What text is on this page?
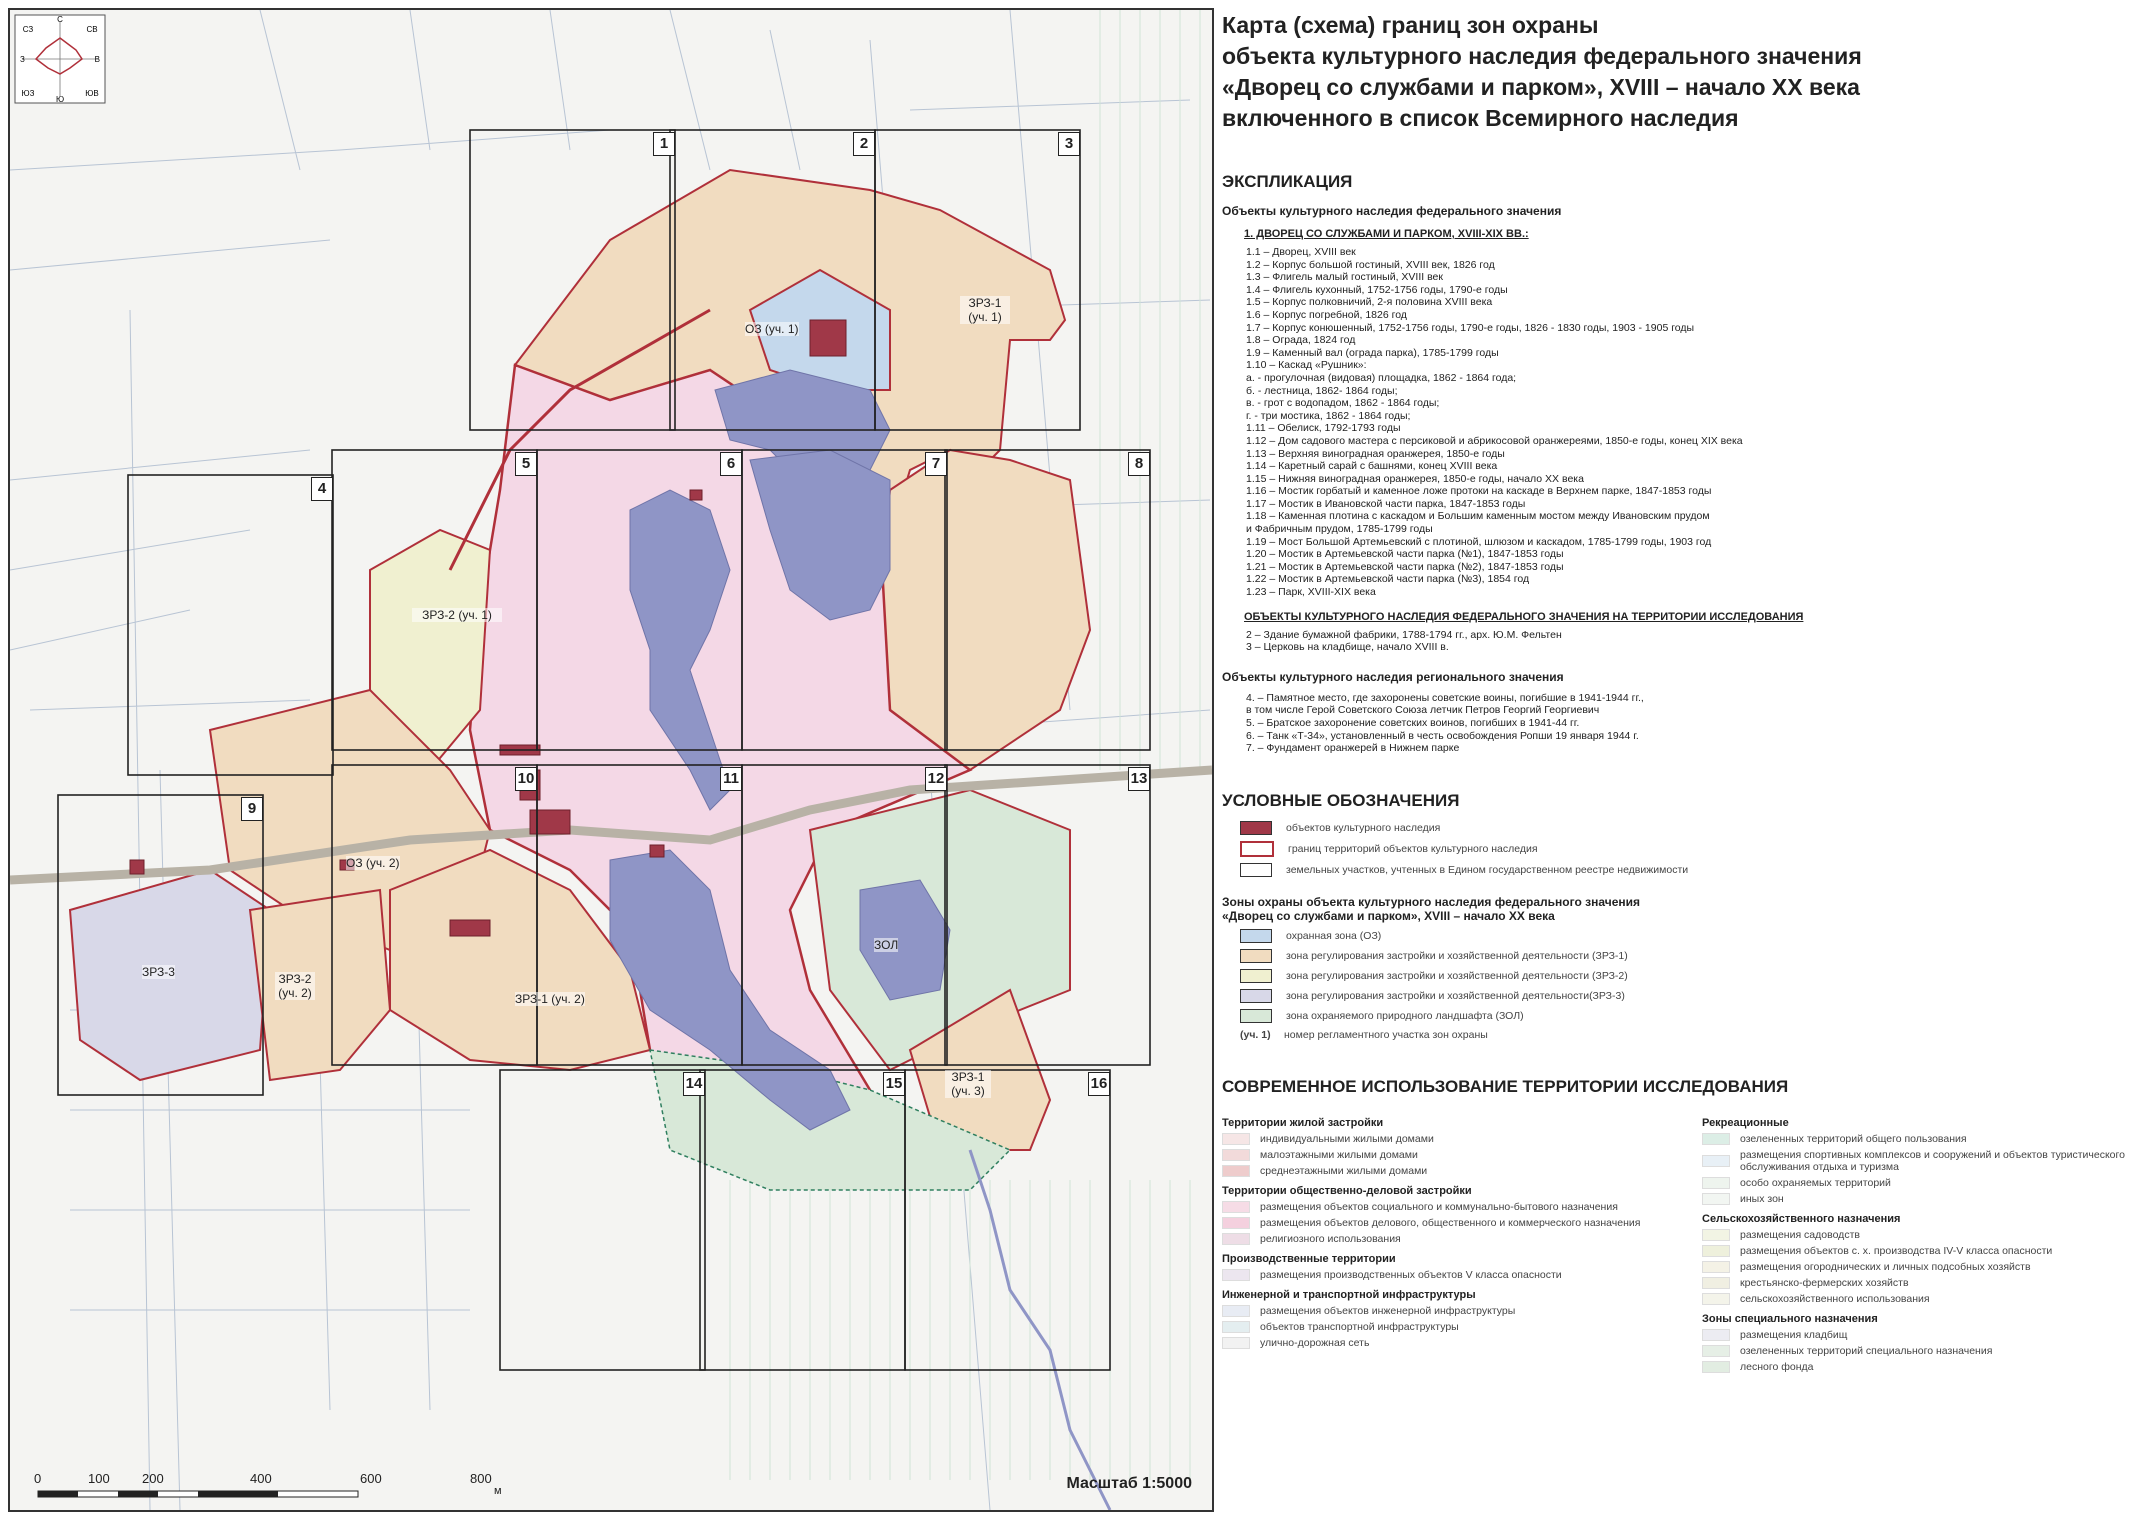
С
СВ
В
ЮВ
Ю
ЮЗ
З
СЗ
1	2	3
4
5	6	7	8
9
10	11	12	13
14	15	16
ОЗ (уч. 1)
ЗРЗ-1 (уч. 1)
ЗРЗ-2 (уч. 1)
ОЗ (уч. 2)
ЗРЗ-3	ЗРЗ-2 (уч. 2)	ЗРЗ-1 (уч. 2)
ЗОЛ
ЗРЗ-1 (уч. 3)
0	100 200	400	600	800
м	Масштаб 1:5000
Карта (схема) границ зон охраны
объекта культурного наследия федерального значения
«Дворец со службами и парком», XVIII – начало XX века
включенного в список Всемирного наследия
ЭКСПЛИКАЦИЯ
Объекты культурного наследия федерального значения
1. ДВОРЕЦ СО СЛУЖБАМИ И ПАРКОМ, XVIII-XIX ВВ.:
1.1 – Дворец, XVIII век
1.2 – Корпус большой гостиный, XVIII век, 1826 год
1.3 – Флигель малый гостиный, XVIII век
1.4 – Флигель кухонный, 1752-1756 годы, 1790-е годы
1.5 – Корпус полковничий, 2-я половина XVIII века
1.6 – Корпус погребной, 1826 год
1.7 – Корпус конюшенный, 1752-1756 годы, 1790-е годы, 1826 - 1830 годы, 1903 - 1905 годы
1.8 – Ограда, 1824 год
1.9 – Каменный вал (ограда парка), 1785-1799 годы
1.10 – Каскад «Рушник»:
а. - прогулочная (видовая) площадка, 1862 - 1864 года;
б. - лестница, 1862- 1864 годы;
в. - грот с водопадом, 1862 - 1864 годы;
г. - три мостика, 1862 - 1864 годы;
1.11 – Обелиск, 1792-1793 годы
1.12 – Дом садового мастера с персиковой и абрикосовой оранжереями, 1850-е годы, конец XIX века
1.13 – Верхняя виноградная оранжерея, 1850-е годы
1.14 – Каретный сарай с башнями, конец XVIII века
1.15 – Нижняя виноградная оранжерея, 1850-е годы, начало XX века
1.16 – Мостик горбатый и каменное ложе протоки на каскаде в Верхнем парке, 1847-1853 годы
1.17 – Мостик в Ивановской части парка, 1847-1853 годы
1.18 – Каменная плотина с каскадом и Большим каменным мостом между Ивановским прудом
и Фабричным прудом, 1785-1799 годы
1.19 – Мост Большой Артемьевский с плотиной, шлюзом и каскадом, 1785-1799 годы, 1903 год
1.20 – Мостик в Артемьевской части парка (№1), 1847-1853 годы
1.21 – Мостик в Артемьевской части парка (№2), 1847-1853 годы
1.22 – Мостик в Артемьевской части парка (№3), 1854 год
1.23 – Парк, XVIII-XIX века
ОБЪЕКТЫ КУЛЬТУРНОГО НАСЛЕДИЯ ФЕДЕРАЛЬНОГО ЗНАЧЕНИЯ НА ТЕРРИТОРИИ ИССЛЕДОВАНИЯ
2 – Здание бумажной фабрики, 1788-1794 гг., арх. Ю.М. Фельтен
3 – Церковь на кладбище, начало XVIII в.
Объекты культурного наследия регионального значения
4. – Памятное место, где захоронены советские воины, погибшие в 1941-1944 гг.,
в том числе Герой Советского Союза летчик Петров Георгий Георгиевич
5. – Братское захоронение советских воинов, погибших в 1941-44 гг.
6. – Танк «Т-34», установленный в честь освобождения Ропши 19 января 1944 г.
7. – Фундамент оранжерей в Нижнем парке
УСЛОВНЫЕ ОБОЗНАЧЕНИЯ
объектов культурного наследия
границ территорий объектов культурного наследия
земельных участков, учтенных в Едином государственном реестре недвижимости
Зоны охраны объекта культурного наследия федерального значения
«Дворец со службами и парком», XVIII – начало XX века
охранная зона (ОЗ)
зона регулирования застройки и хозяйственной деятельности (ЗРЗ-1)
зона регулирования застройки и хозяйственной деятельности (ЗРЗ-2)
зона регулирования застройки и хозяйственной деятельности(ЗРЗ-3)
зона охраняемого природного ландшафта (ЗОЛ)
(уч. 1)	номер регламентного участка зон охраны
СОВРЕМЕННОЕ ИСПОЛЬЗОВАНИЕ ТЕРРИТОРИИ ИССЛЕДОВАНИЯ
Территории жилой застройки
индивидуальными жилыми домами
малоэтажными жилыми домами
среднеэтажными жилыми домами
Территории общественно-деловой застройки
размещения объектов социального и коммунально-бытового назначения
размещения объектов делового, общественного и коммерческого назначения
религиозного использования
Производственные территории
размещения производственных объектов V класса опасности
Инженерной и транспортной инфраструктуры
размещения объектов инженерной инфраструктуры
объектов транспортной инфраструктуры
улично-дорожная сеть
Рекреационные
озелененных территорий общего пользования
размещения спортивных комплексов и сооружений и объектов туристического обслуживания отдыха и туризма
особо охраняемых территорий
иных зон
Сельскохозяйственного назначения
размещения садоводств
размещения объектов с. х. производства IV-V класса опасности
размещения огороднических и личных подсобных хозяйств
крестьянско-фермерских хозяйств
сельскохозяйственного использования
Зоны специального назначения
размещения кладбищ
озелененных территорий специального назначения
лесного фонда
